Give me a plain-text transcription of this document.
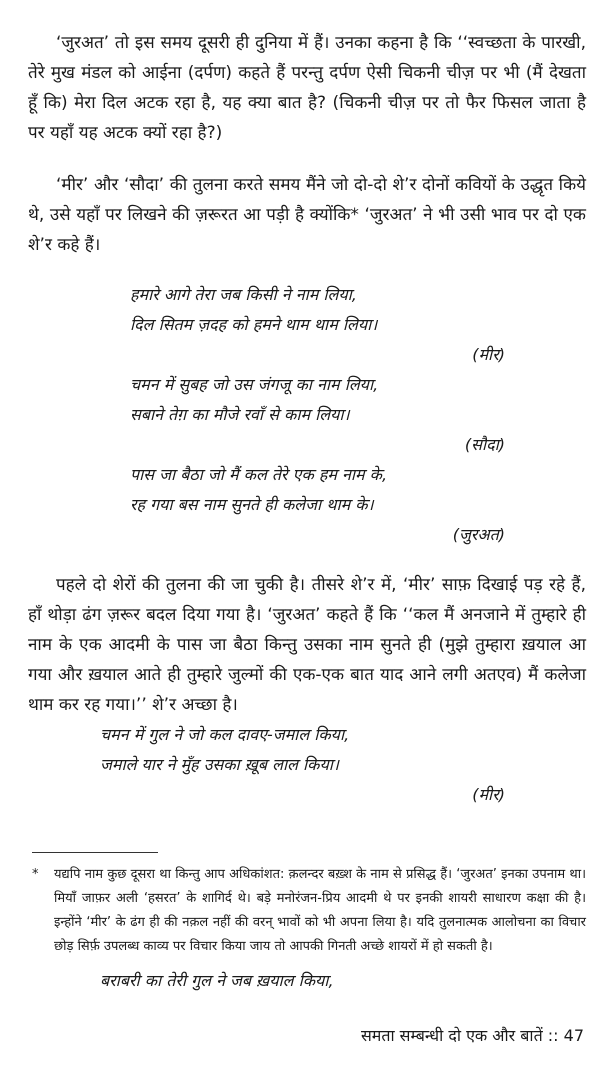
‘जुरअत’ तो इस समय दूसरी ही दुनिया में हैं। उनका कहना है कि ‘‘स्वच्छता के पारखी, तेरे मुख मंडल को आईना (दर्पण) कहते हैं परन्तु दर्पण ऐसी चिकनी चीज़ पर भी (मैं देखता हूँ कि) मेरा दिल अटक रहा है, यह क्या बात है? (चिकनी चीज़ पर तो फैर फिसल जाता है पर यहाँ यह अटक क्यों रहा है?)

‘मीर’ और ‘सौदा’ की तुलना करते समय मैंने जो दो-दो शे’र दोनों कवियों के उद्धृत किये थे, उसे यहाँ पर लिखने की ज़रूरत आ पड़ी है क्योंकि* ‘जुरअत’ ने भी उसी भाव पर दो एक शे’र कहे हैं।

हमारे आगे तेरा जब किसी ने नाम लिया,
दिल सितम ज़दह को हमने थाम थाम लिया।
(मीर)
चमन में सुबह जो उस जंगजू का नाम लिया,
सबाने तेग़ का मौजे रवाँ से काम लिया।
(सौदा)
पास जा बैठा जो मैं कल तेरे एक हम नाम के,
रह गया बस नाम सुनते ही कलेजा थाम के।
(जुरअत)

पहले दो शेरों की तुलना की जा चुकी है। तीसरे शे’र में, ‘मीर’ साफ़ दिखाई पड़ रहे हैं, हाँ थोड़ा ढंग ज़रूर बदल दिया गया है। ‘जुरअत’ कहते हैं कि ‘‘कल मैं अनजाने में तुम्हारे ही नाम के एक आदमी के पास जा बैठा किन्तु उसका नाम सुनते ही (मुझे तुम्हारा ख़याल आ गया और ख़याल आते ही तुम्हारे जुल्मों की एक-एक बात याद आने लगी अतएव) मैं कलेजा थाम कर रह गया।’’ शे’र अच्छा है।

चमन में गुल ने जो कल दावए-जमाल किया,
जमाले यार ने मुँह उसका ख़ूब लाल किया।
(मीर)

* यद्यपि नाम कुछ दूसरा था किन्तु आप अधिकांशत: क़लन्दर बख़्श के नाम से प्रसिद्ध हैं। ‘जुरअत’ इनका उपनाम था। मियाँ जाफ़र अली ‘हसरत’ के शागिर्द थे। बड़े मनोरंजन-प्रिय आदमी थे पर इनकी शायरी साधारण कक्षा की है। इन्होंने ‘मीर’ के ढंग ही की नक़ल नहीं की वरन् भावों को भी अपना लिया है। यदि तुलनात्मक आलोचना का विचार छोड़ सिर्फ़ उपलब्ध काव्य पर विचार किया जाय तो आपकी गिनती अच्छे शायरों में हो सकती है।

बराबरी का तेरी गुल ने जब ख़याल किया,
समता सम्बन्धी दो एक और बातें :: 47
